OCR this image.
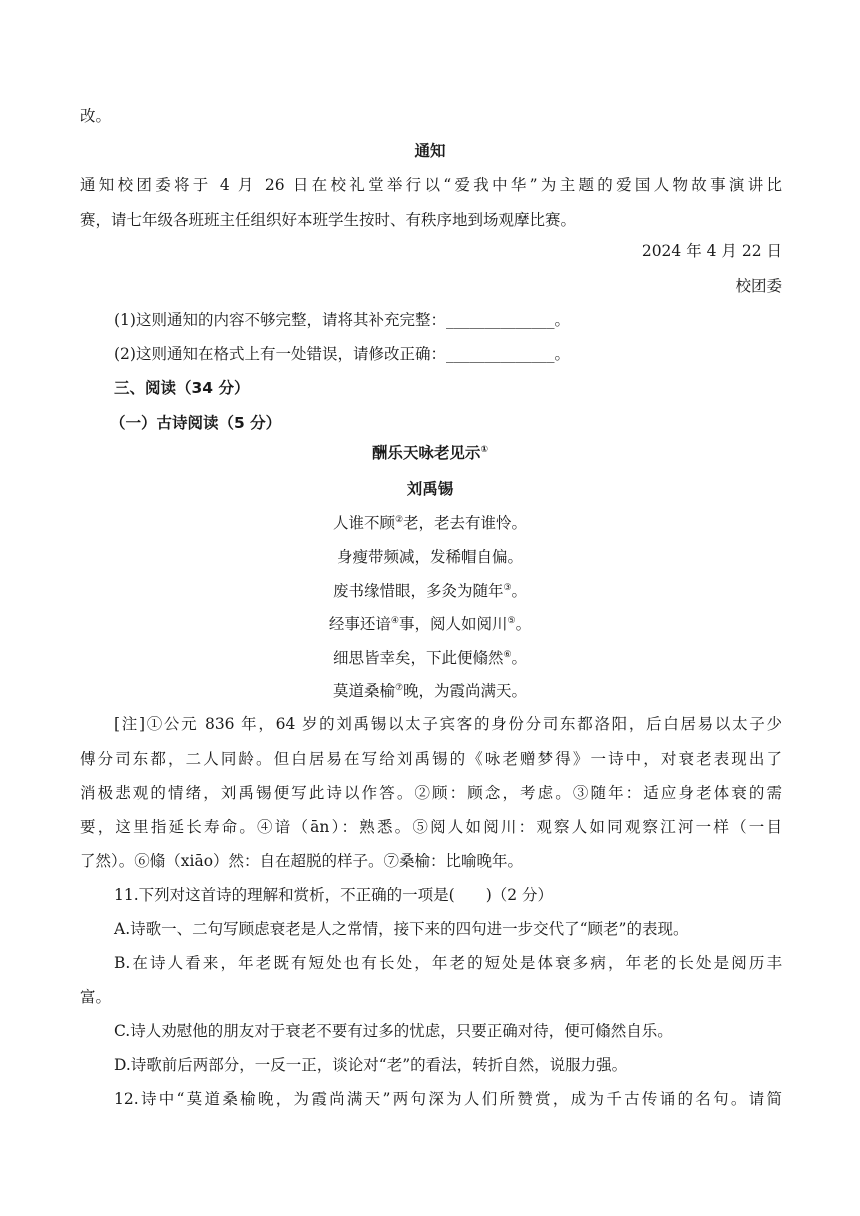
改。
通知
通知校团委将于 4 月 26 日在校礼堂举行以“爱我中华”为主题的爱国人物故事演讲比
赛，请七年级各班班主任组织好本班学生按时、有秩序地到场观摩比赛。
2024 年 4 月 22 日
校团委
(1)这则通知的内容不够完整，请将其补充完整：______________。
(2)这则通知在格式上有一处错误，请修改正确：______________。
三、阅读（34 分）
（一）古诗阅读（5 分）
酬乐天咏老见示①
刘禹锡
人谁不顾②老，老去有谁怜。
身瘦带频减，发稀帽自偏。
废书缘惜眼，多灸为随年③。
经事还谙④事，阅人如阅川⑤。
细思皆幸矣，下此便翛然⑥。
莫道桑榆⑦晚，为霞尚满天。
[注]①公元 836 年，64 岁的刘禹锡以太子宾客的身份分司东都洛阳，后白居易以太子少
傅分司东都，二人同龄。但白居易在写给刘禹锡的《咏老赠梦得》一诗中，对衰老表现出了
消极悲观的情绪，刘禹锡便写此诗以作答。②顾：顾念，考虑。③随年：适应身老体衰的需
要，这里指延长寿命。④谙（ān）：熟悉。⑤阅人如阅川：观察人如同观察江河一样（一目
了然）。⑥翛（xiāo）然：自在超脱的样子。⑦桑榆：比喻晚年。
11.下列对这首诗的理解和赏析，不正确的一项是(　　)（2 分）
A.诗歌一、二句写顾虑衰老是人之常情，接下来的四句进一步交代了“顾老”的表现。
B.在诗人看来，年老既有短处也有长处，年老的短处是体衰多病，年老的长处是阅历丰
富。
C.诗人劝慰他的朋友对于衰老不要有过多的忧虑，只要正确对待，便可翛然自乐。
D.诗歌前后两部分，一反一正，谈论对“老”的看法，转折自然，说服力强。
12.诗中“莫道桑榆晚，为霞尚满天”两句深为人们所赞赏，成为千古传诵的名句。请简
